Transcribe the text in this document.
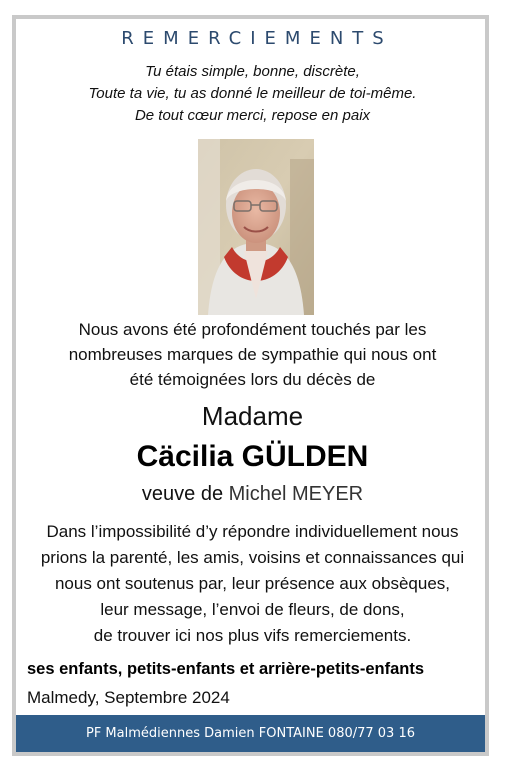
REMERCIEMENTS
Tu étais simple, bonne, discrète,
Toute ta vie, tu as donné le meilleur de toi-même.
De tout cœur merci, repose en paix
Nous avons été profondément touchés par les
nombreuses marques de sympathie qui nous ont
été témoignées lors du décès de
Madame
Cäcilia GÜLDEN
veuve de Michel MEYER
Dans l’impossibilité d’y répondre individuellement nous
prions la parenté, les amis, voisins et connaissances qui
nous ont soutenus par, leur présence aux obsèques,
leur message, l’envoi de fleurs, de dons,
de trouver ici nos plus vifs remerciements.
ses enfants, petits-enfants et arrière-petits-enfants
Malmedy, Septembre 2024
PF Malmédiennes Damien FONTAINE 080/77 03 16
